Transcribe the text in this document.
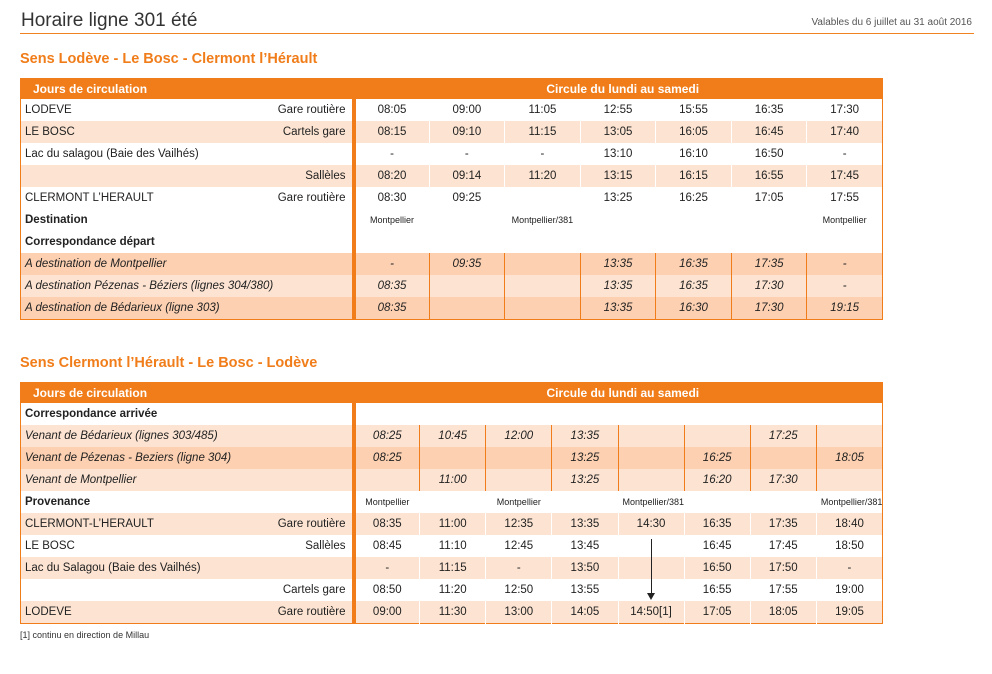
Horaire ligne 301 été	Valables du 6 juillet au 31 août 2016
Sens Lodève - Le Bosc - Clermont l’Hérault
Jours de circulation	Circule du lundi au samedi						

LODEVE Gare routière	08:05	09:00	11:05	12:55	15:55	16:35	17:30

LE BOSC Cartels gare	08:15	09:10	11:15	13:05	16:05	16:45	17:40

Lac du salagou (Baie des Vailhés)	-	-	-	13:10	16:10	16:50	-

Sallèles	08:20	09:14	11:20	13:15	16:15	16:55	17:45

CLERMONT L’HERAULT Gare routière	08:30	09:25		13:25	16:25	17:05	17:55
Destination	Montpellier		Montpellier/381				Montpellier
Correspondance départ							
A destination de Montpellier	-	09:35		13:35	16:35	17:35	-
A destination Pézenas - Béziers (lignes 304/380)	08:35			13:35	16:35	17:30	-
A destination de Bédarieux (ligne 303)	08:35			13:35	16:30	17:30	19:15
Sens Clermont l’Hérault - Le Bosc - Lodève
Jours de circulation	Circule du lundi au samedi							
Correspondance arrivée								
Venant de Bédarieux (lignes 303/485)	08:25	10:45	12:00	13:35			17:25	
Venant de Pézenas - Beziers (ligne 304)	08:25			13:25		16:25		18:05
Venant de Montpellier		11:00		13:25		16:20	17:30	
Provenance	Montpellier		Montpellier		Montpellier/381			Montpellier/381

CLERMONT-L’HERAULT Gare routière	08:35	11:00	12:35	13:35	14:30	16:35	17:35	18:40

LE BOSC Sallèles	08:45	11:10	12:45	13:45		16:45	17:45	18:50

Lac du Salagou (Baie des Vailhés)	-	11:15	-	13:50		16:50	17:50	-

Cartels gare	08:50	11:20	12:50	13:55		16:55	17:55	19:00

LODEVE Gare routière	09:00	11:30	13:00	14:05	14:50[1]	17:05	18:05	19:05
[1] continu en direction de Millau
